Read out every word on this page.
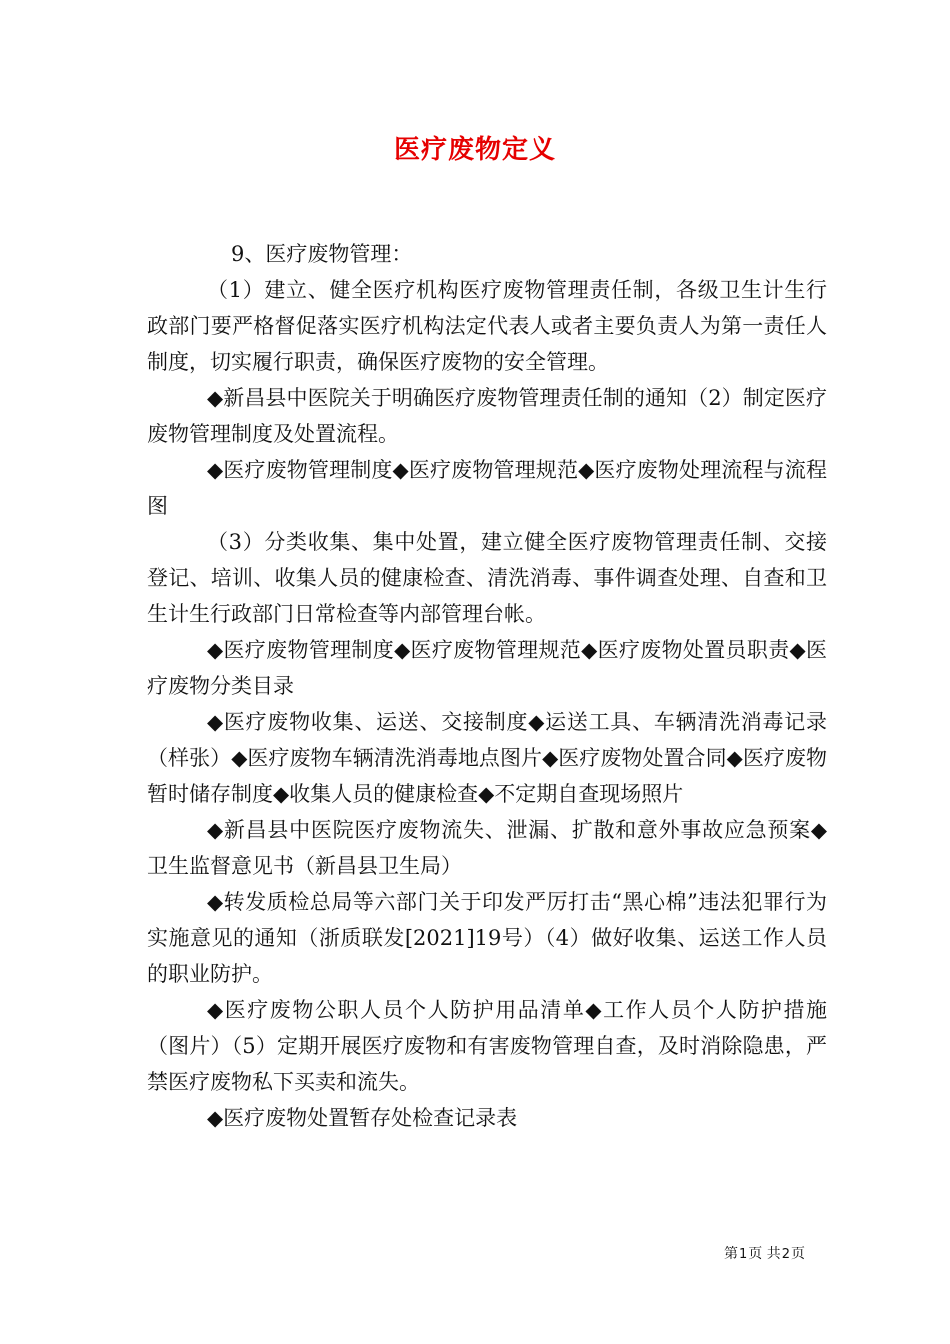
医疗废物定义

9、医疗废物管理：

（1）建立、健全医疗机构医疗废物管理责任制，各级卫生计生行政部门要严格督促落实医疗机构法定代表人或者主要负责人为第一责任人制度，切实履行职责，确保医疗废物的安全管理。

◆新昌县中医院关于明确医疗废物管理责任制的通知（2）制定医疗废物管理制度及处置流程。

◆医疗废物管理制度◆医疗废物管理规范◆医疗废物处理流程与流程图

（3）分类收集、集中处置，建立健全医疗废物管理责任制、交接登记、培训、收集人员的健康检查、清洗消毒、事件调查处理、自查和卫生计生行政部门日常检查等内部管理台帐。

◆医疗废物管理制度◆医疗废物管理规范◆医疗废物处置员职责◆医疗废物分类目录

◆医疗废物收集、运送、交接制度◆运送工具、车辆清洗消毒记录（样张）◆医疗废物车辆清洗消毒地点图片◆医疗废物处置合同◆医疗废物暂时储存制度◆收集人员的健康检查◆不定期自查现场照片

◆新昌县中医院医疗废物流失、泄漏、扩散和意外事故应急预案◆卫生监督意见书（新昌县卫生局）

◆转发质检总局等六部门关于印发严厉打击“黑心棉”违法犯罪行为实施意见的通知（浙质联发[2021]19号）（4）做好收集、运送工作人员的职业防护。

◆医疗废物公职人员个人防护用品清单◆工作人员个人防护措施（图片）（5）定期开展医疗废物和有害废物管理自查，及时消除隐患，严禁医疗废物私下买卖和流失。

◆医疗废物处置暂存处检查记录表

第1页 共2页
